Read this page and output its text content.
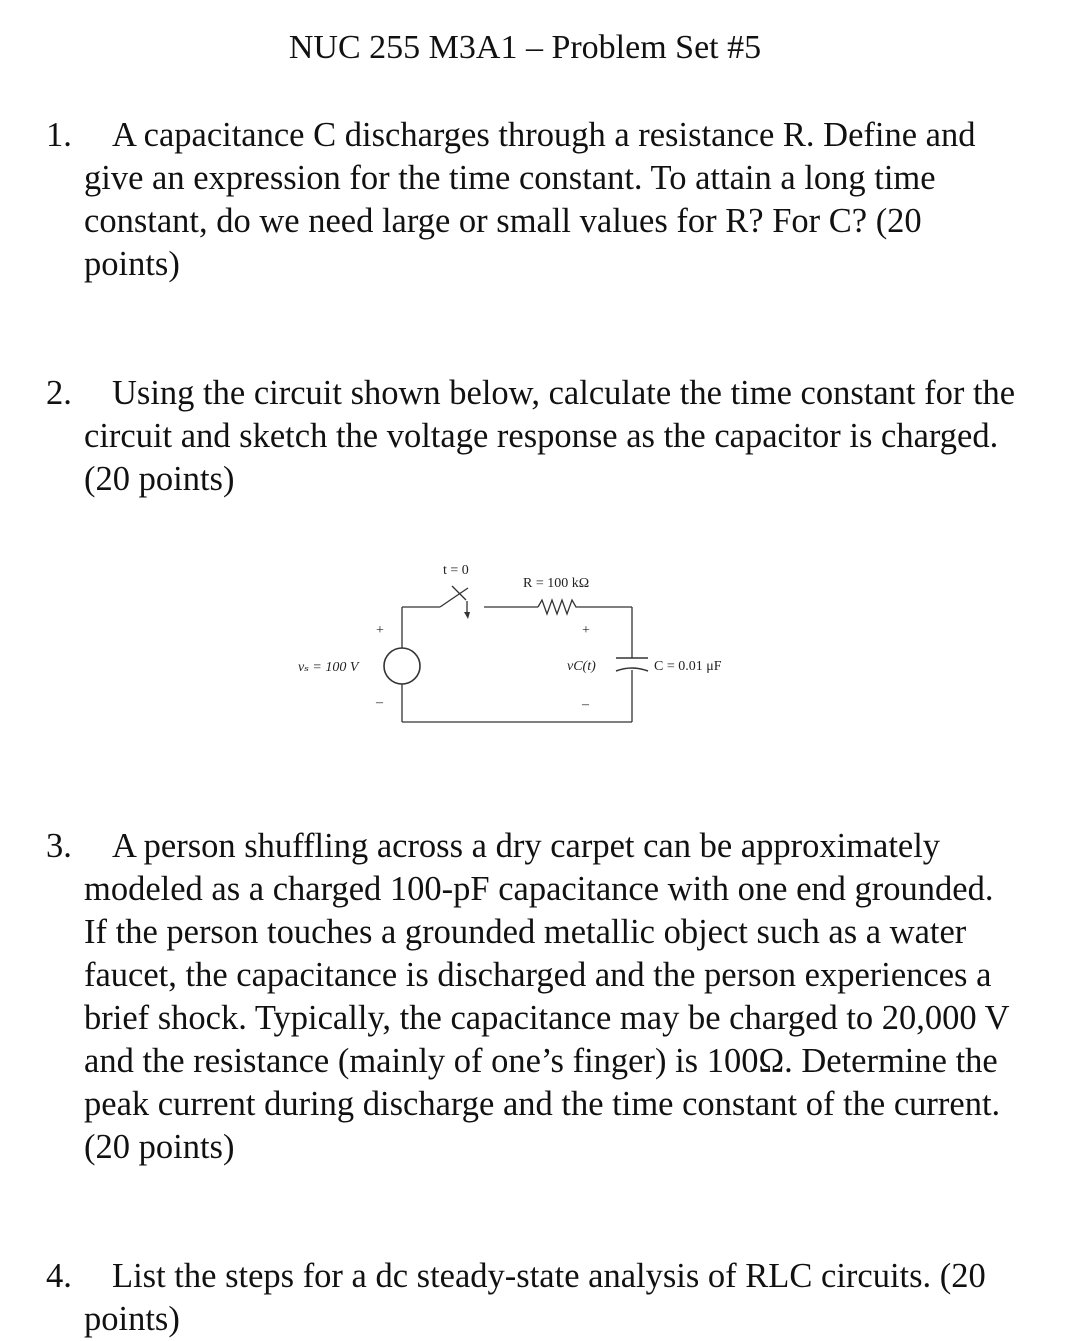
NUC 255 M3A1 – Problem Set #5
1.	A capacitance C discharges through a resistance R. Define and give an expression for the time constant. To attain a long time constant, do we need large or small values for R? For C? (20 points)
2.	Using the circuit shown below, calculate the time constant for the circuit and sketch the voltage response as the capacitor is charged. (20 points)
t = 0
R = 100 kΩ
vₛ = 100 V
+
–
+
vC(t)
–
C = 0.01 μF
3.	A person shuffling across a dry carpet can be approximately modeled as a charged 100-pF capacitance with one end grounded. If the person touches a grounded metallic object such as a water faucet, the capacitance is discharged and the person experiences a brief shock. Typically, the capacitance may be charged to 20,000 V and the resistance (mainly of one’s finger) is 100Ω. Determine the peak current during discharge and the time constant of the current. (20 points)
4.	List the steps for a dc steady-state analysis of RLC circuits. (20 points)
